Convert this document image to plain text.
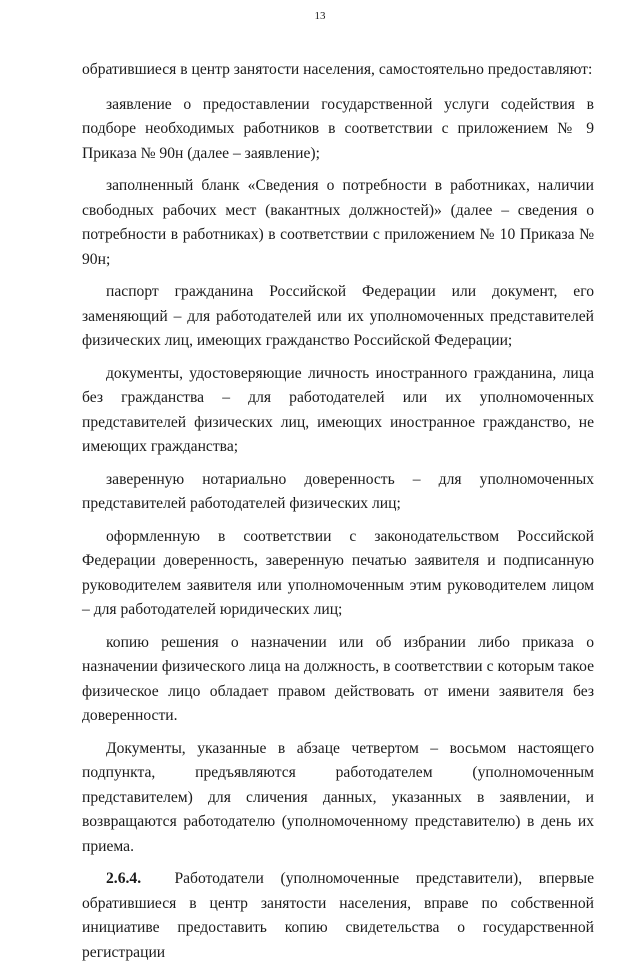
13

обратившиеся в центр занятости населения, самостоятельно предоставляют:

заявление о предоставлении государственной услуги содействия в подборе необходимых работников в соответствии с приложением № 9 Приказа № 90н (далее – заявление);

заполненный бланк «Сведения о потребности в работниках, наличии свободных рабочих мест (вакантных должностей)» (далее – сведения о потребности в работниках) в соответствии с приложением № 10 Приказа № 90н;

паспорт гражданина Российской Федерации или документ, его заменяющий – для работодателей или их уполномоченных представителей физических лиц, имеющих гражданство Российской Федерации;

документы, удостоверяющие личность иностранного гражданина, лица без гражданства – для работодателей или их уполномоченных представителей физических лиц, имеющих иностранное гражданство, не имеющих гражданства;

заверенную нотариально доверенность – для уполномоченных представителей работодателей физических лиц;

оформленную в соответствии с законодательством Российской Федерации доверенность, заверенную печатью заявителя и подписанную руководителем заявителя или уполномоченным этим руководителем лицом – для работодателей юридических лиц;

копию решения о назначении или об избрании либо приказа о назначении физического лица на должность, в соответствии с которым такое физическое лицо обладает правом действовать от имени заявителя без доверенности.

Документы, указанные в абзаце четвертом – восьмом настоящего подпункта, предъявляются работодателем (уполномоченным представителем) для сличения данных, указанных в заявлении, и возвращаются работодателю (уполномоченному представителю) в день их приема.

2.6.4. Работодатели (уполномоченные представители), впервые обратившиеся в центр занятости населения, вправе по собственной инициативе предоставить копию свидетельства о государственной регистрации
